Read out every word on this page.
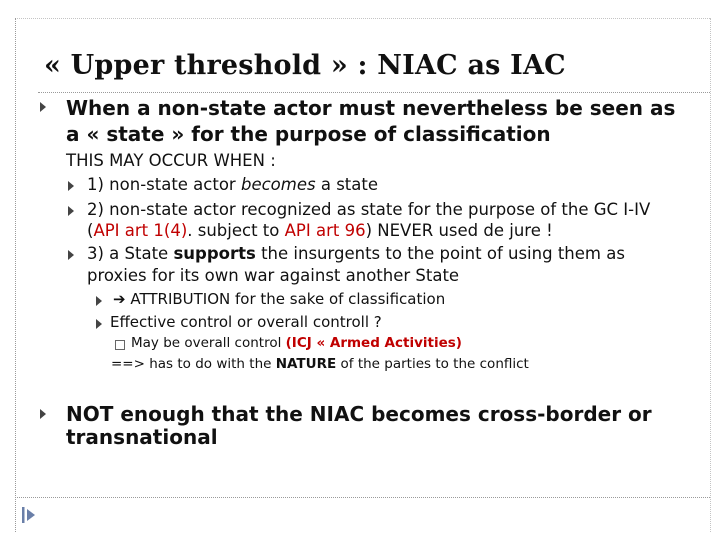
« Upper threshold » : NIAC as IAC
When a non-state actor must nevertheless be seen as
a « state » for the purpose of classification
THIS MAY OCCUR WHEN :
1) non-state actor becomes a state
2) non-state actor recognized as state for the purpose of the GC I-IV
(API art 1(4). subject to API art 96) NEVER used de jure !
3) a State supports the insurgents to the point of using them as
proxies for its own war against another State
➔ ATTRIBUTION for the sake of classification
Effective control or overall controll ?
May be overall control (ICJ « Armed Activities)
==> has to do with the NATURE of the parties to the conflict
NOT enough that the NIAC becomes cross-border or
transnational
